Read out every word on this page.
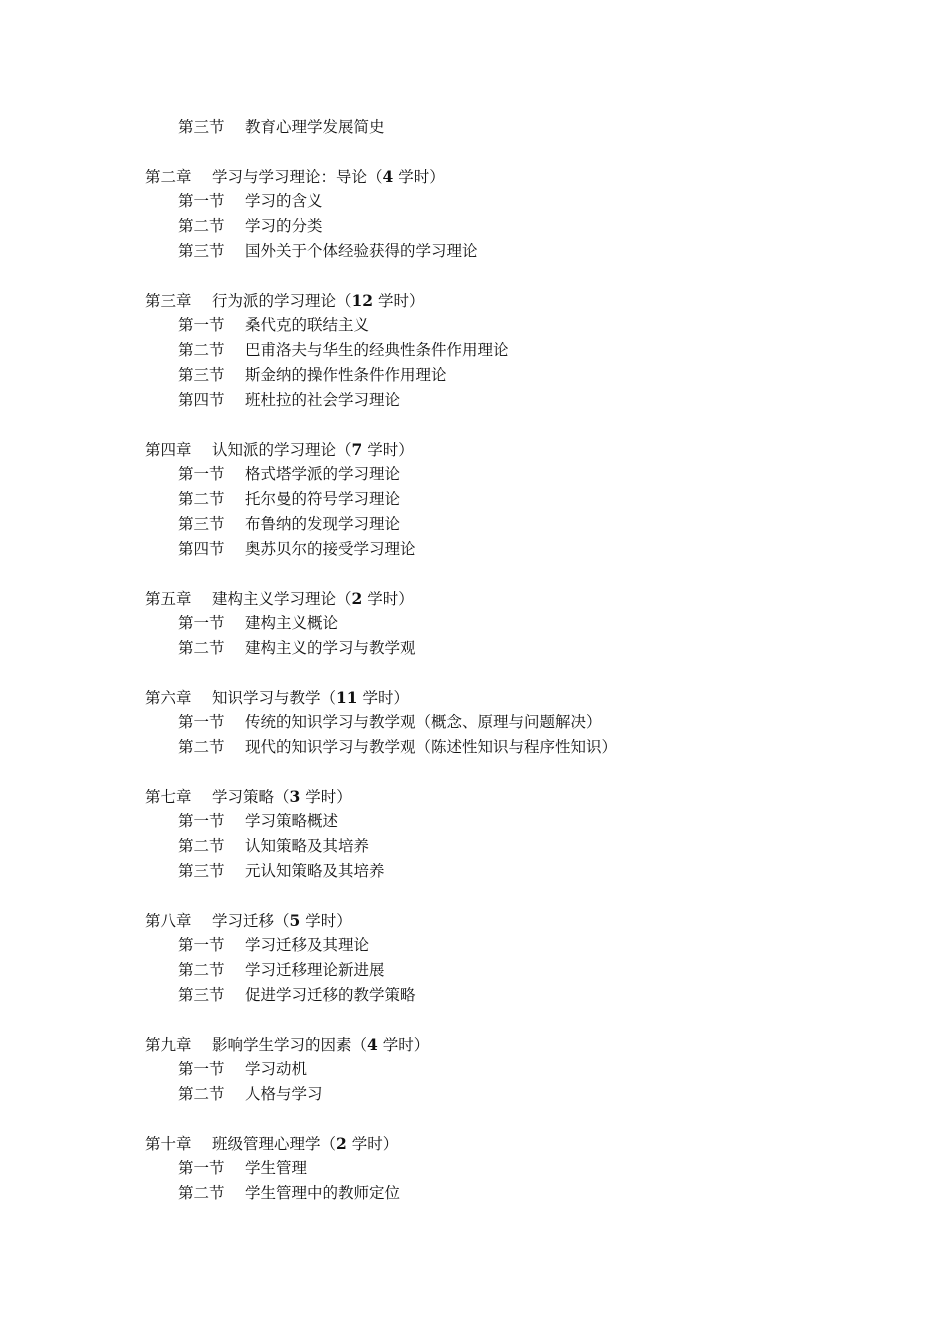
第三节 教育心理学发展简史
第二章 学习与学习理论：导论（4 学时）
第一节 学习的含义
第二节 学习的分类
第三节 国外关于个体经验获得的学习理论
第三章 行为派的学习理论（12 学时）
第一节 桑代克的联结主义
第二节 巴甫洛夫与华生的经典性条件作用理论
第三节 斯金纳的操作性条件作用理论
第四节 班杜拉的社会学习理论
第四章 认知派的学习理论（7 学时）
第一节 格式塔学派的学习理论
第二节 托尔曼的符号学习理论
第三节 布鲁纳的发现学习理论
第四节 奥苏贝尔的接受学习理论
第五章 建构主义学习理论（2 学时）
第一节 建构主义概论
第二节 建构主义的学习与教学观
第六章 知识学习与教学（11 学时）
第一节 传统的知识学习与教学观（概念、原理与问题解决）
第二节 现代的知识学习与教学观（陈述性知识与程序性知识）
第七章 学习策略（3 学时）
第一节 学习策略概述
第二节 认知策略及其培养
第三节 元认知策略及其培养
第八章 学习迁移（5 学时）
第一节 学习迁移及其理论
第二节 学习迁移理论新进展
第三节 促进学习迁移的教学策略
第九章 影响学生学习的因素（4 学时）
第一节 学习动机
第二节 人格与学习
第十章 班级管理心理学（2 学时）
第一节 学生管理
第二节 学生管理中的教师定位
